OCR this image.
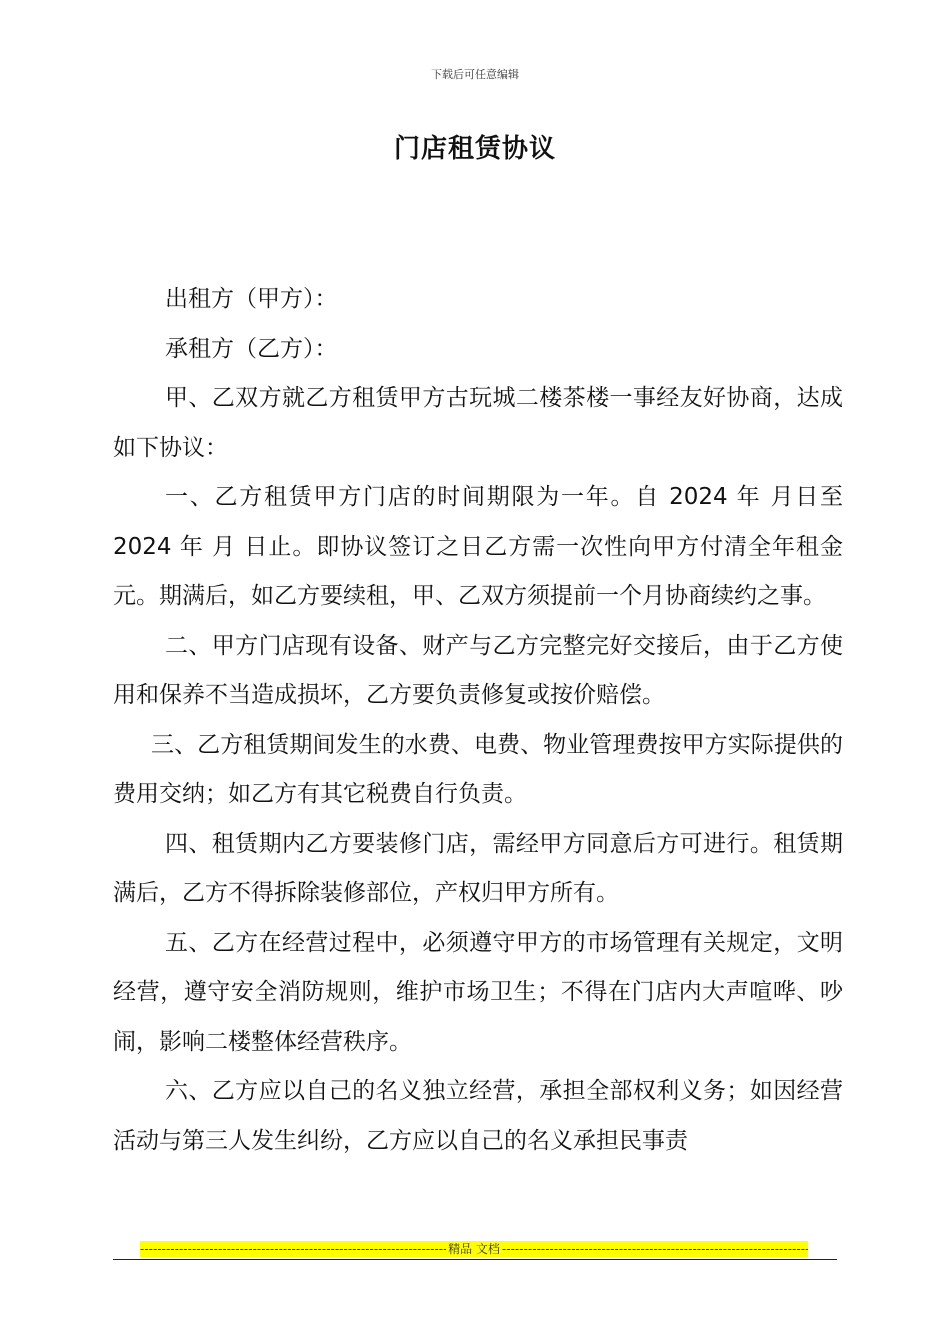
下载后可任意编辑
门店租赁协议

出租方（甲方）：

承租方（乙方）：

甲、乙双方就乙方租赁甲方古玩城二楼茶楼一事经友好协商，达成如下协议：

一、乙方租赁甲方门店的时间期限为一年。自 2024 年 月日至 2024 年 月 日止。即协议签订之日乙方需一次性向甲方付清全年租金 元。期满后，如乙方要续租，甲、乙双方须提前一个月协商续约之事。

二、甲方门店现有设备、财产与乙方完整完好交接后，由于乙方使用和保养不当造成损坏，乙方要负责修复或按价赔偿。

三、乙方租赁期间发生的水费、电费、物业管理费按甲方实际提供的费用交纳；如乙方有其它税费自行负责。

四、租赁期内乙方要装修门店，需经甲方同意后方可进行。租赁期满后，乙方不得拆除装修部位，产权归甲方所有。

五、乙方在经营过程中，必须遵守甲方的市场管理有关规定，文明经营，遵守安全消防规则，维护市场卫生；不得在门店内大声喧哗、吵闹，影响二楼整体经营秩序。

六、乙方应以自己的名义独立经营，承担全部权利义务；如因经营活动与第三人发生纠纷，乙方应以自己的名义承担民事责

-----
精品 文档
-----
